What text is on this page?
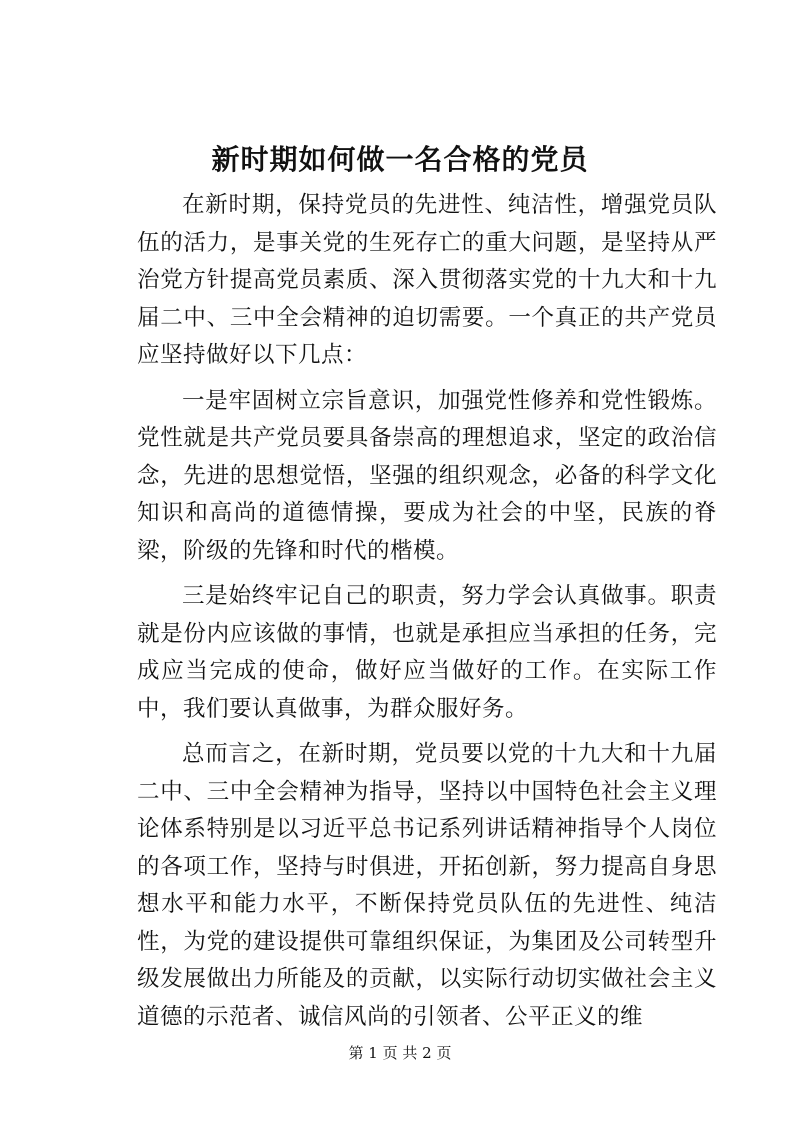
新时期如何做一名合格的党员

在新时期，保持党员的先进性、纯洁性，增强党员队伍的活力，是事关党的生死存亡的重大问题，是坚持从严治党方针提高党员素质、深入贯彻落实党的十九大和十九届二中、三中全会精神的迫切需要。一个真正的共产党员应坚持做好以下几点：

一是牢固树立宗旨意识，加强党性修养和党性锻炼。党性就是共产党员要具备崇高的理想追求，坚定的政治信念，先进的思想觉悟，坚强的组织观念，必备的科学文化知识和高尚的道德情操，要成为社会的中坚，民族的脊梁，阶级的先锋和时代的楷模。

三是始终牢记自己的职责，努力学会认真做事。职责就是份内应该做的事情，也就是承担应当承担的任务，完成应当完成的使命，做好应当做好的工作。在实际工作中，我们要认真做事，为群众服好务。

总而言之，在新时期，党员要以党的十九大和十九届二中、三中全会精神为指导，坚持以中国特色社会主义理论体系特别是以习近平总书记系列讲话精神指导个人岗位的各项工作，坚持与时俱进，开拓创新，努力提高自身思想水平和能力水平，不断保持党员队伍的先进性、纯洁性，为党的建设提供可靠组织保证，为集团及公司转型升级发展做出力所能及的贡献，以实际行动切实做社会主义道德的示范者、诚信风尚的引领者、公平正义的维

第 1 页 共 2 页
